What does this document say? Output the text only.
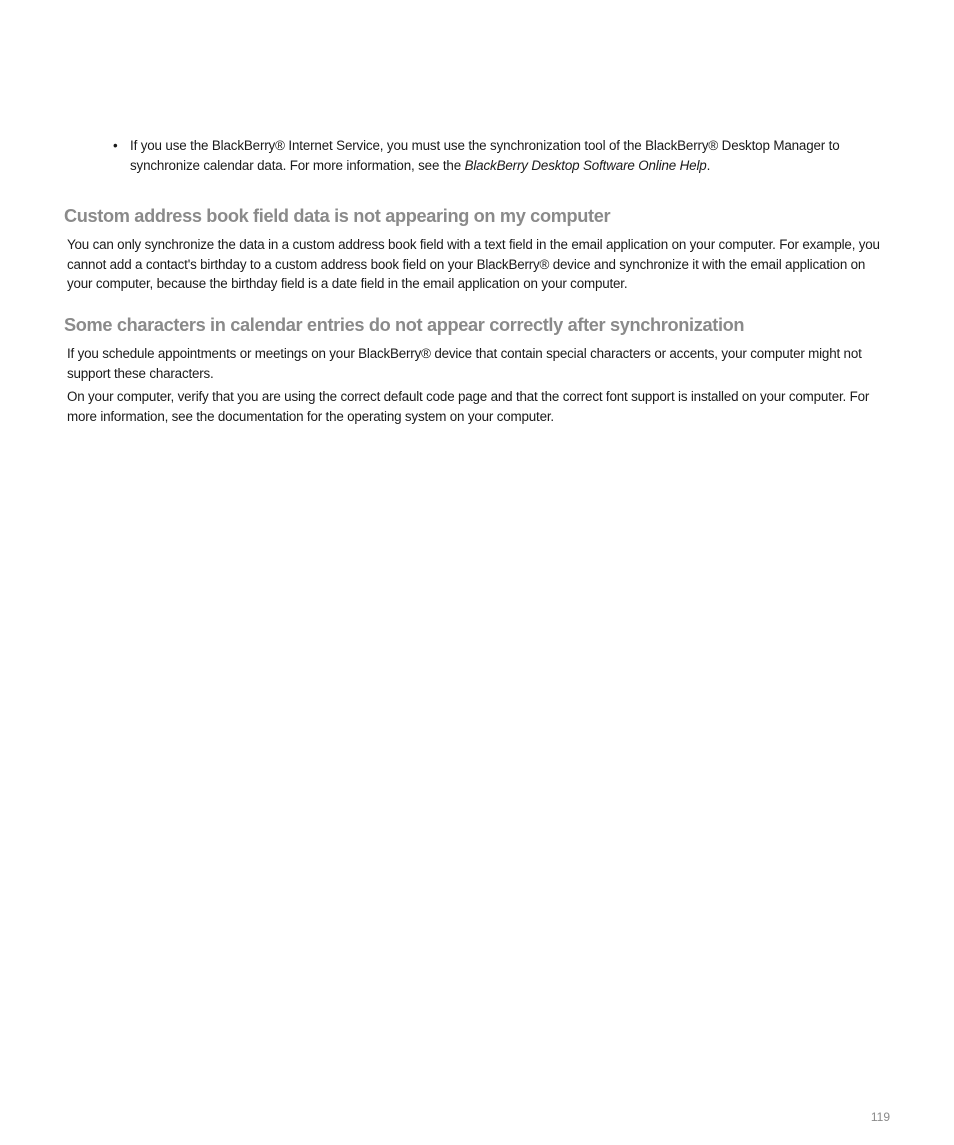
• If you use the BlackBerry® Internet Service, you must use the synchronization tool of the BlackBerry® Desktop Manager to synchronize calendar data. For more information, see the BlackBerry Desktop Software Online Help.
Custom address book field data is not appearing on my computer

You can only synchronize the data in a custom address book field with a text field in the email application on your computer. For example, you cannot add a contact's birthday to a custom address book field on your BlackBerry® device and synchronize it with the email application on your computer, because the birthday field is a date field in the email application on your computer.

Some characters in calendar entries do not appear correctly after synchronization

If you schedule appointments or meetings on your BlackBerry® device that contain special characters or accents, your computer might not support these characters.

On your computer, verify that you are using the correct default code page and that the correct font support is installed on your computer. For more information, see the documentation for the operating system on your computer.

119
